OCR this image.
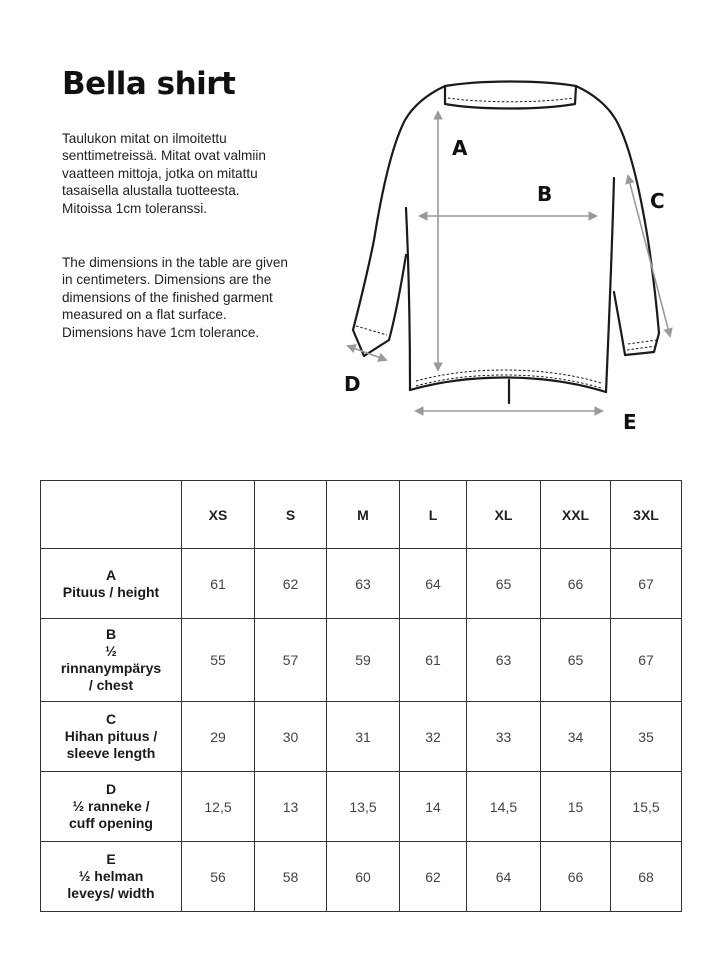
Bella shirt

Taulukon mitat on ilmoitettu
senttimetreissä. Mitat ovat valmiin
vaatteen mittoja, jotka on mitattu
tasaisella alustalla tuotteesta.
Mitoissa 1cm toleranssi.

The dimensions in the table are given
in centimeters. Dimensions are the
dimensions of the finished garment
measured on a flat surface.
Dimensions have 1cm tolerance.

A
B	C
D
E
	XS	S	M	L	XL	XXL	3XL

A
Pituus / height	61	62	63	64	65	66	67

B
½
rinnanympärys
/ chest	55	57	59	61	63	65	67

C
Hihan pituus /
sleeve length	29	30	31	32	33	34	35

D
½ ranneke /
cuff opening	12,5	13	13,5	14	14,5	15	15,5

E
½ helman
leveys/ width	56	58	60	62	64	66	68
